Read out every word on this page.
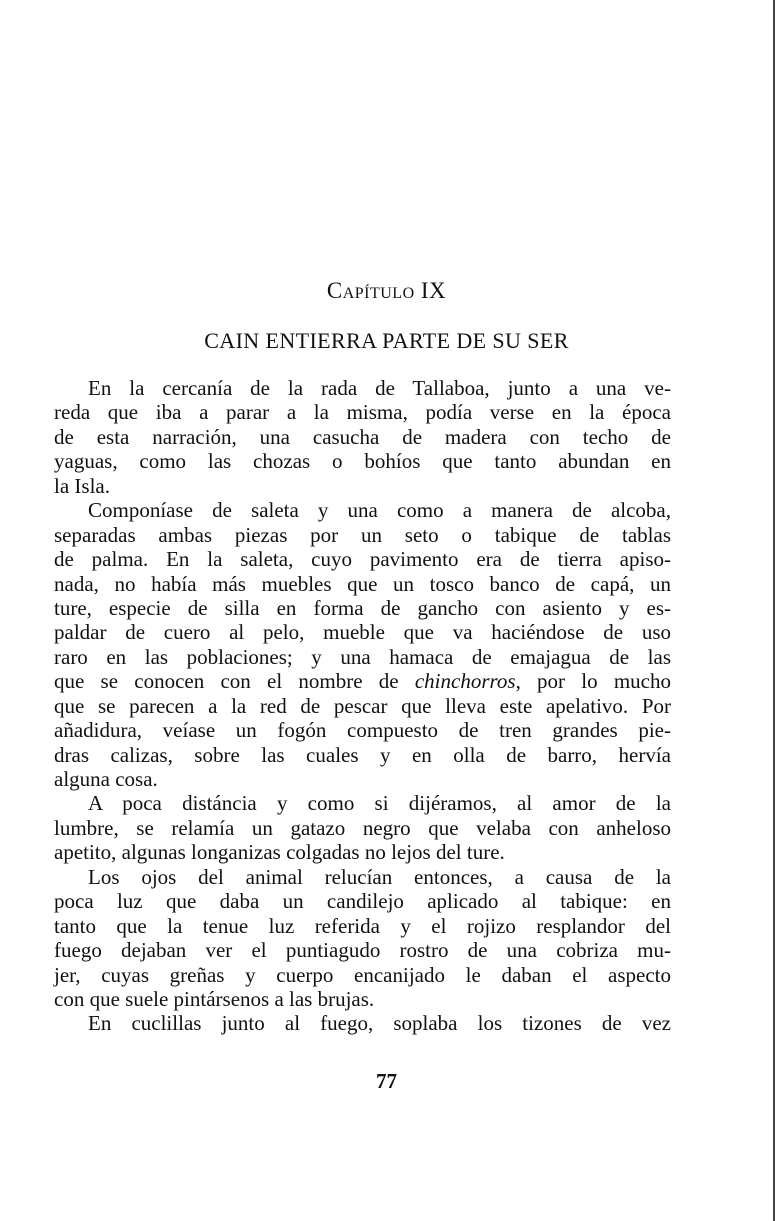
CAPÍTULO IX
CAIN ENTIERRA PARTE DE SU SER
En la cercanía de la rada de Tallaboa, junto a una ve-
reda que iba a parar a la misma, podía verse en la época
de esta narración, una casucha de madera con techo de
yaguas, como las chozas o bohíos que tanto abundan en
la Isla.
Componíase de saleta y una como a manera de alcoba,
separadas ambas piezas por un seto o tabique de tablas
de palma. En la saleta, cuyo pavimento era de tierra apiso-
nada, no había más muebles que un tosco banco de capá, un
ture, especie de silla en forma de gancho con asiento y es-
paldar de cuero al pelo, mueble que va haciéndose de uso
raro en las poblaciones; y una hamaca de emajagua de las
que se conocen con el nombre de chinchorros, por lo mucho
que se parecen a la red de pescar que lleva este apelativo. Por
añadidura, veíase un fogón compuesto de tren grandes pie-
dras calizas, sobre las cuales y en olla de barro, hervía
alguna cosa.
A poca distáncia y como si dijéramos, al amor de la
lumbre, se relamía un gatazo negro que velaba con anheloso
apetito, algunas longanizas colgadas no lejos del ture.
Los ojos del animal relucían entonces, a causa de la
poca luz que daba un candilejo aplicado al tabique: en
tanto que la tenue luz referida y el rojizo resplandor del
fuego dejaban ver el puntiagudo rostro de una cobriza mu-
jer, cuyas greñas y cuerpo encanijado le daban el aspecto
con que suele pintársenos a las brujas.
En cuclillas junto al fuego, soplaba los tizones de vez
77
